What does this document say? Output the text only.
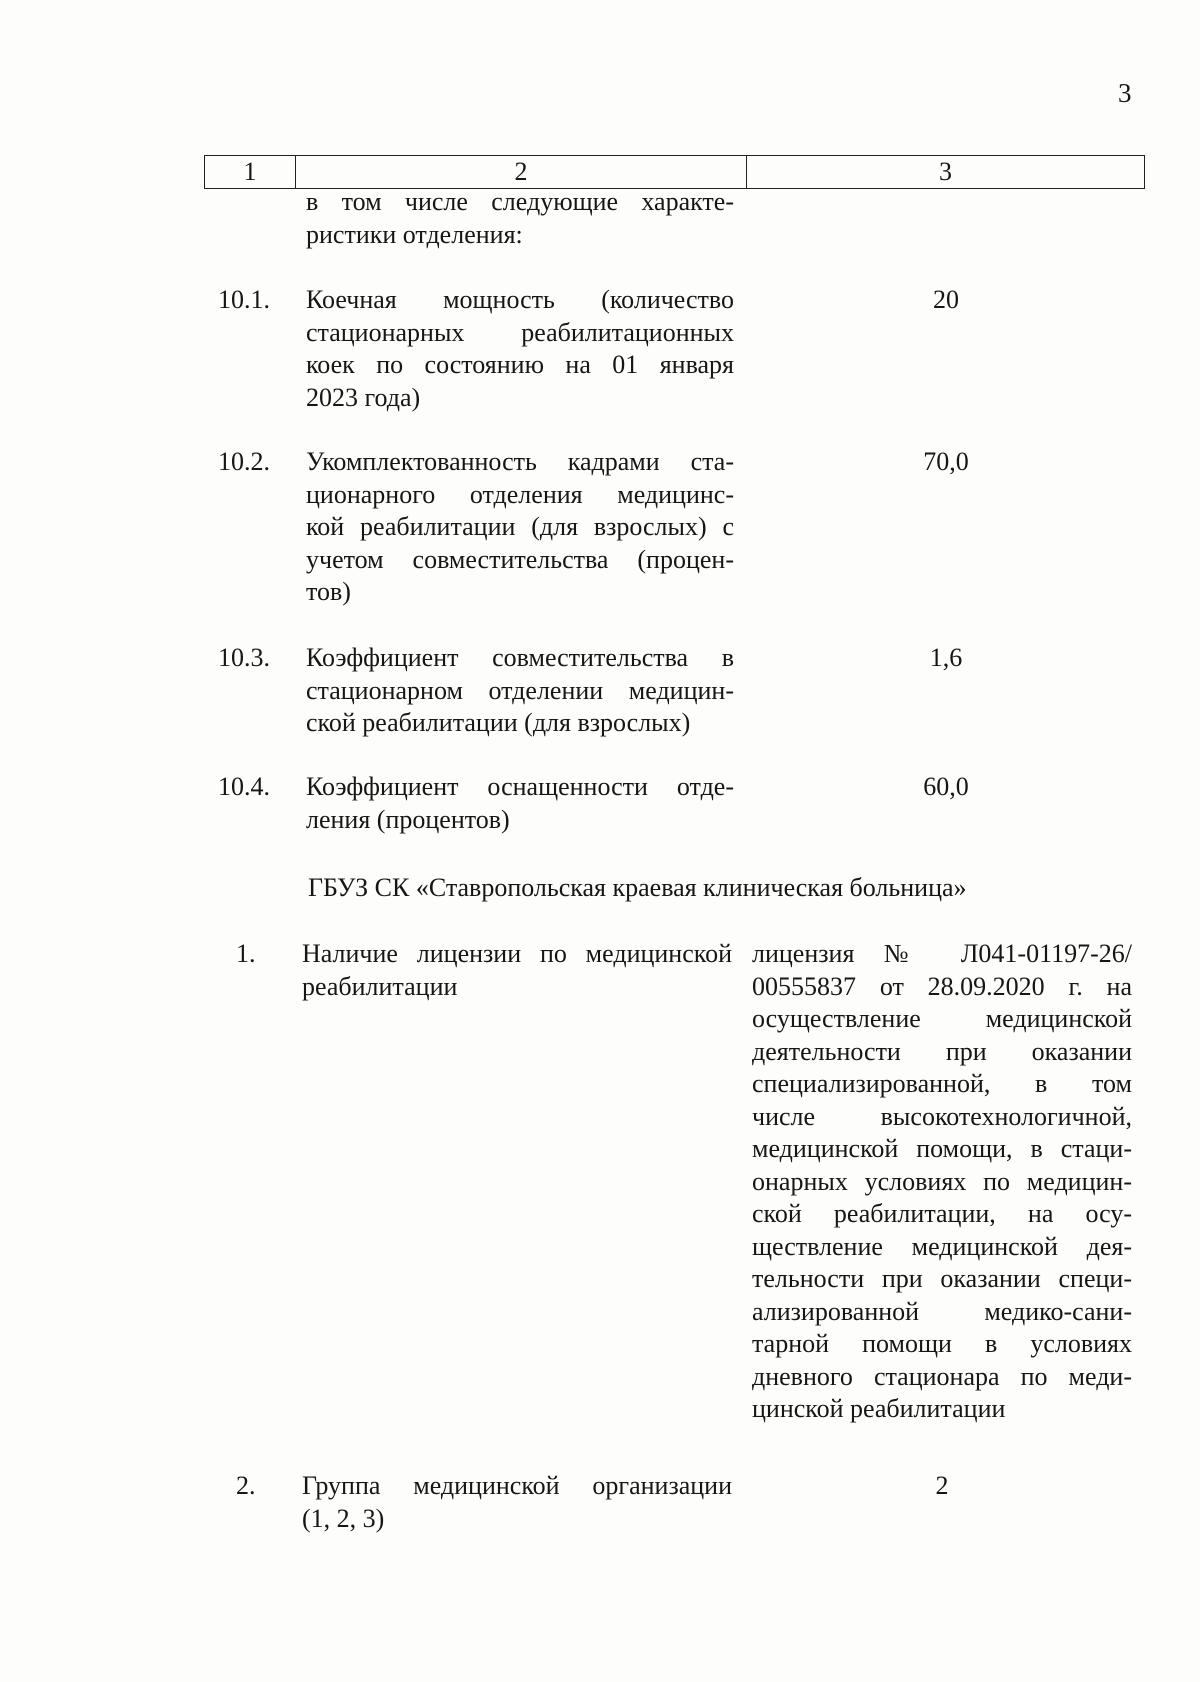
3
1	2	3
в том числе следующие характе-
ристики отделения:
10.1. Коечная мощность (количество
стационарных реабилитационных
коек по состоянию на 01 января
2023 года)
20
10.2. Укомплектованность кадрами ста-
ционарного отделения медицинс-
кой реабилитации (для взрослых) с
учетом совместительства (процен-
тов)
70,0
10.3. Коэффициент совместительства в
стационарном отделении медицин-
ской реабилитации (для взрослых)
1,6
10.4. Коэффициент оснащенности отде-
ления (процентов)
60,0
ГБУЗ СК «Ставропольская краевая клиническая больница»
1. Наличие лицензии по медицинской
реабилитации
лицензия № Л041-01197-26/
00555837 от 28.09.2020 г. на
осуществление медицинской
деятельности при оказании
специализированной, в том
числе высокотехнологичной,
медицинской помощи, в стаци-
онарных условиях по медицин-
ской реабилитации, на осу-
ществление медицинской дея-
тельности при оказании специ-
ализированной медико-сани-
тарной помощи в условиях
дневного стационара по меди-
цинской реабилитации
2. Группа медицинской организации
(1, 2, 3)
2
